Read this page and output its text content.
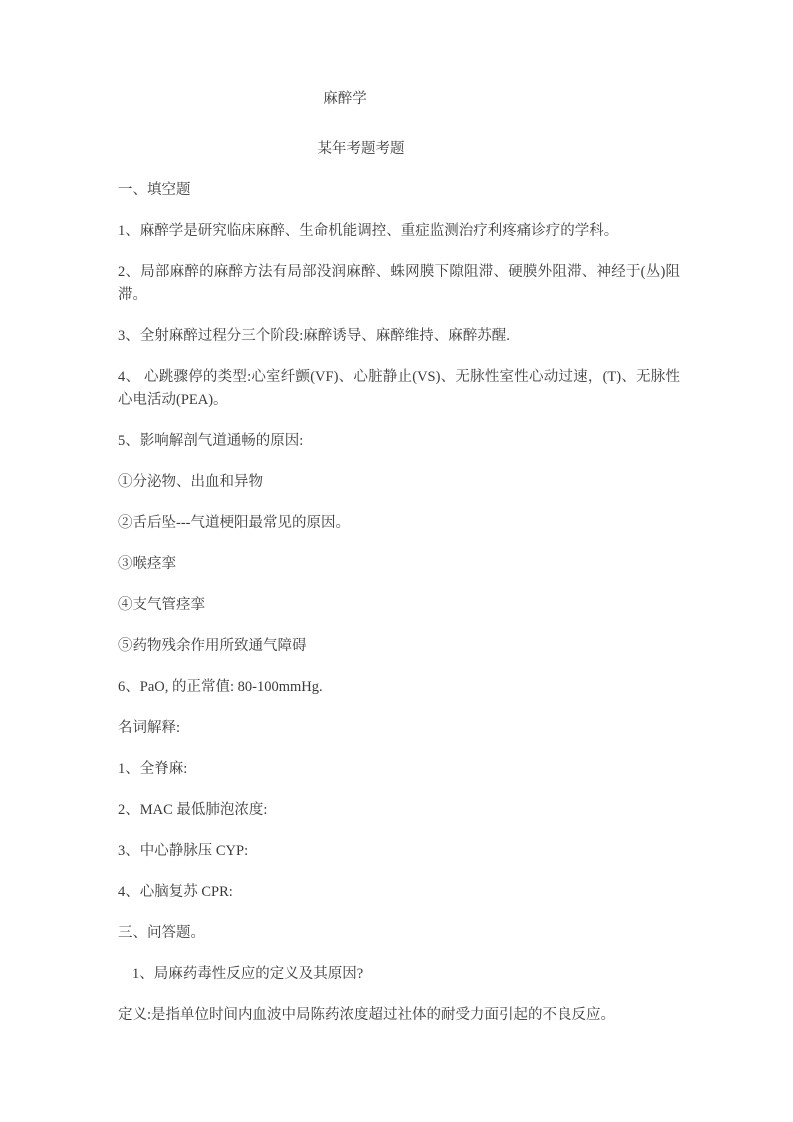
麻醉学

某年考题考题

一、填空题

1、麻醉学是研究临床麻醉、生命机能调控、重症监测治疗利疼痛诊疗的学科。

2、局部麻醉的麻醉方法有局部没润麻醉、蛛网膜下隙阻滞、硬膜外阻滞、神经于(丛)阻滞。

3、全射麻醉过程分三个阶段:麻醉诱导、麻醉维持、麻醉苏醒.

4、 心跳骤停的类型:心室纤颤(VF)、心脏静止(VS)、无脉性室性心动过速，(T)、无脉性心电活动(PEA)。

5、影响解剖气道通畅的原因:

①分泌物、出血和异物

②舌后坠---气道梗阳最常见的原因。

③喉痉挛

④支气管痉挛

⑤药物残余作用所致通气障碍

6、PaO, 的正常值: 80-100mmHg.

名词解释:

1、全脊麻:

2、MAC 最低肺泡浓度:

3、中心静脉压 CYP:

4、心脑复苏 CPR:

三、问答题。

1、局麻药毒性反应的定义及其原因?

定义:是指单位时间内血波中局陈药浓度超过社体的耐受力面引起的不良反应。
